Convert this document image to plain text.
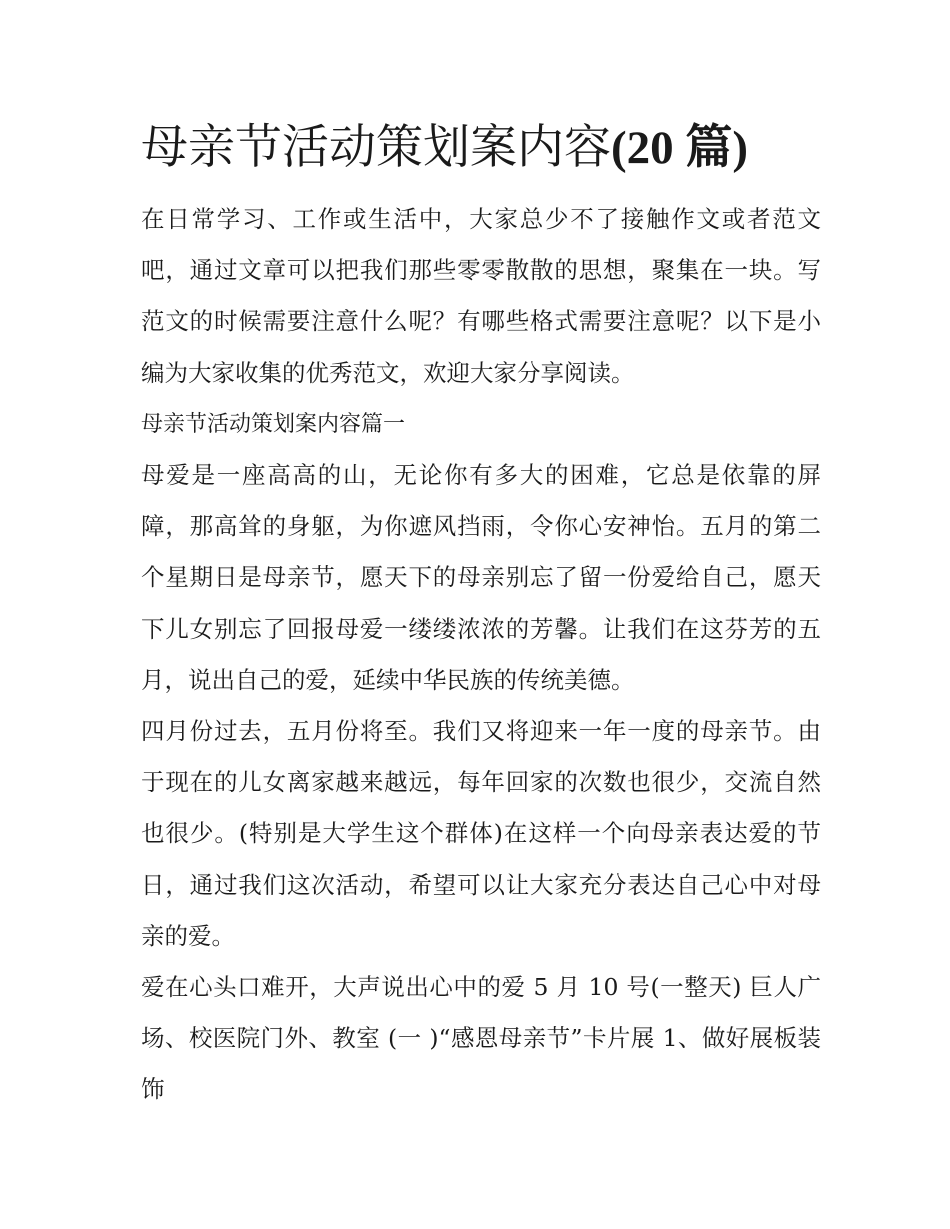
母亲节活动策划案内容(20 篇)

在日常学习、工作或生活中，大家总少不了接触作文或者范文吧，通过文章可以把我们那些零零散散的思想，聚集在一块。写范文的时候需要注意什么呢？有哪些格式需要注意呢？以下是小编为大家收集的优秀范文，欢迎大家分享阅读。

母亲节活动策划案内容篇一

母爱是一座高高的山，无论你有多大的困难，它总是依靠的屏障，那高耸的身躯，为你遮风挡雨，令你心安神怡。五月的第二个星期日是母亲节，愿天下的母亲别忘了留一份爱给自己，愿天下儿女别忘了回报母爱一缕缕浓浓的芳馨。让我们在这芬芳的五月，说出自己的爱，延续中华民族的传统美德。

四月份过去，五月份将至。我们又将迎来一年一度的母亲节。由于现在的儿女离家越来越远，每年回家的次数也很少，交流自然也很少。(特别是大学生这个群体)在这样一个向母亲表达爱的节日，通过我们这次活动，希望可以让大家充分表达自己心中对母亲的爱。

爱在心头口难开，大声说出心中的爱 5 月 10 号(一整天) 巨人广场、校医院门外、教室 (一 )“感恩母亲节”卡片展 1、做好展板装饰
